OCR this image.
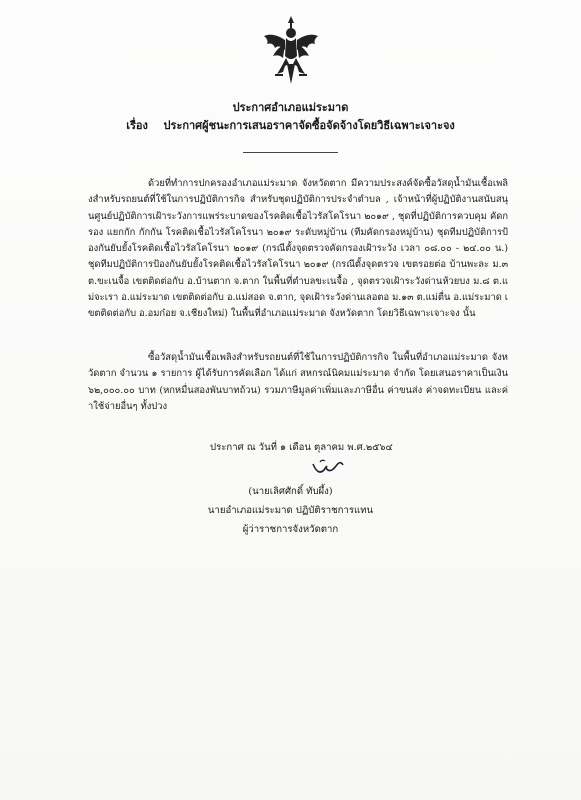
ประกาศอำเภอแม่ระมาด
เรื่อง ประกาศผู้ชนะการเสนอราคาจัดซื้อจัดจ้างโดยวิธีเฉพาะเจาะจง
ด้วยที่ทำการปกครองอำเภอแม่ระมาด จังหวัดตาก มีความประสงค์จัดซื้อวัสดุน้ำมันเชื้อเพลิงสำหรับรถยนต์ที่ใช้ในการปฏิบัติการกิจ สำหรับชุดปฏิบัติการประจำตำบล , เจ้าหน้าที่ผู้ปฏิบัติงานสนับสนุนศูนย์ปฏิบัติการเฝ้าระวังการแพร่ระบาดของโรคติดเชื้อไวรัสโคโรนา ๒๐๑๙ , ชุดที่ปฏิบัติการควบคุม คัดกรอง แยกกัก กักกัน โรคติดเชื้อไวรัสโคโรนา ๒๐๑๙ ระดับหมู่บ้าน (ทีมคัดกรองหมู่บ้าน) ชุดทีมปฏิบัติการป้องกันยับยั้งโรคติดเชื้อไวรัสโคโรนา ๒๐๑๙ (กรณีตั้งจุดตรวจคัดกรองเฝ้าระวัง เวลา ๐๘.๐๐ - ๒๔.๐๐ น.) ชุดทีมปฏิบัติการป้องกันยับยั้งโรคติดเชื้อไวรัสโคโรนา ๒๐๑๙ (กรณีตั้งจุดตรวจ เขตรอยต่อ บ้านพะละ ม.๓ ต.ขะเนจื้อ เขตติดต่อกับ อ.บ้านตาก จ.ตาก ในพื้นที่ตำบลขะเนจื้อ , จุดตรวจเฝ้าระวังด่านห้วยบง ม.๘ ต.แม่จะเรา อ.แม่ระมาด เขตติดต่อกับ อ.แม่สอด จ.ตาก, จุดเฝ้าระวังด่านเลอตอ ม.๑๓ ต.แม่ตื่น อ.แม่ระมาด เขตติดต่อกับ อ.อมก๋อย จ.เชียงใหม่) ในพื้นที่อำเภอแม่ระมาด จังหวัดตาก โดยวิธีเฉพาะเจาะจง นั้น
ซื้อวัสดุน้ำมันเชื้อเพลิงสำหรับรถยนต์ที่ใช้ในการปฏิบัติการกิจ ในพื้นที่อำเภอแม่ระมาด จังหวัดตาก จำนวน ๑ รายการ ผู้ได้รับการคัดเลือก ได้แก่ สหกรณ์นิคมแม่ระมาด จำกัด โดยเสนอราคาเป็นเงิน ๖๒,๐๐๐.๐๐ บาท (หกหมื่นสองพันบาทถ้วน) รวมภาษีมูลค่าเพิ่มและภาษีอื่น ค่าขนส่ง ค่าจดทะเบียน และค่าใช้จ่ายอื่นๆ ทั้งปวง
ประกาศ ณ วันที่ ๑ เดือน ตุลาคม พ.ศ.๒๕๖๔
(นายเลิศศักดิ์ ทับผึ้ง)
นายอำเภอแม่ระมาด ปฏิบัติราชการแทน
ผู้ว่าราชการจังหวัดตาก
